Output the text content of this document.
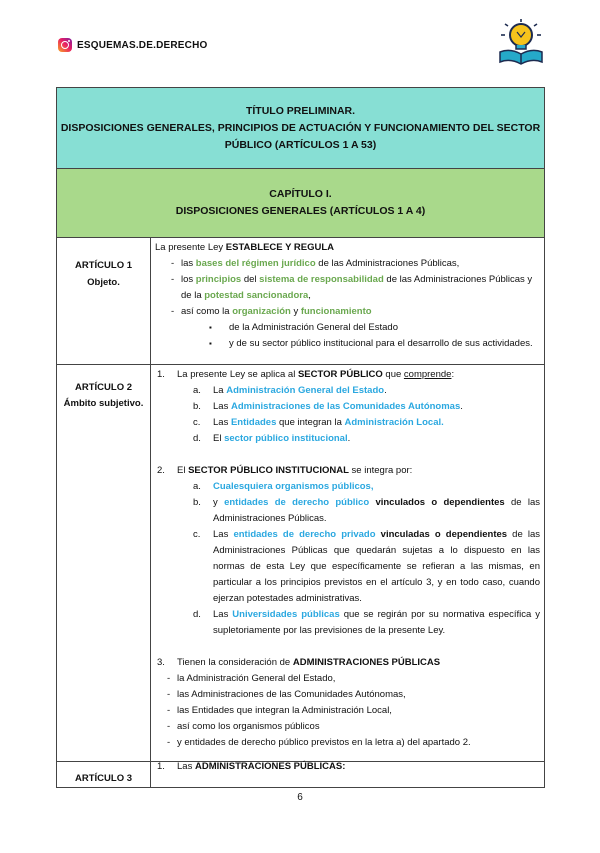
ESQUEMAS.DE.DERECHO
TÍTULO PRELIMINAR.
DISPOSICIONES GENERALES, PRINCIPIOS DE ACTUACIÓN Y FUNCIONAMIENTO DEL SECTOR
PÚBLICO (ARTÍCULOS 1 A 53)
CAPÍTULO I.
DISPOSICIONES GENERALES (ARTÍCULOS 1 A 4)
ARTÍCULO 1
Objeto.
La presente Ley ESTABLECE Y REGULA
- las bases del régimen jurídico de las Administraciones Públicas,
- los principios del sistema de responsabilidad de las Administraciones Públicas y
de la potestad sancionadora,
- así como la organización y funcionamiento
▪ de la Administración General del Estado
▪ y de su sector público institucional para el desarrollo de sus actividades.
ARTÍCULO 2
Ámbito subjetivo.
1. La presente Ley se aplica al SECTOR PÚBLICO que comprende:
a. La Administración General del Estado.
b. Las Administraciones de las Comunidades Autónomas.
c. Las Entidades que integran la Administración Local.
d. El sector público institucional.
2. El SECTOR PÚBLICO INSTITUCIONAL se integra por:
a. Cualesquiera organismos públicos,
b. y entidades de derecho público vinculados o dependientes de las
Administraciones Públicas.
c. Las entidades de derecho privado vinculadas o dependientes de las
Administraciones Públicas que quedarán sujetas a lo dispuesto en las
normas de esta Ley que específicamente se refieran a las mismas, en
particular a los principios previstos en el artículo 3, y en todo caso, cuando
ejerzan potestades administrativas.
d. Las Universidades públicas que se regirán por su normativa específica y
supletoriamente por las previsiones de la presente Ley.
3. Tienen la consideración de ADMINISTRACIONES PÚBLICAS
- la Administración General del Estado,
- las Administraciones de las Comunidades Autónomas,
- las Entidades que integran la Administración Local,
- así como los organismos públicos
- y entidades de derecho público previstos en la letra a) del apartado 2.
ARTÍCULO 3
1. Las ADMINISTRACIONES PÚBLICAS:
6
